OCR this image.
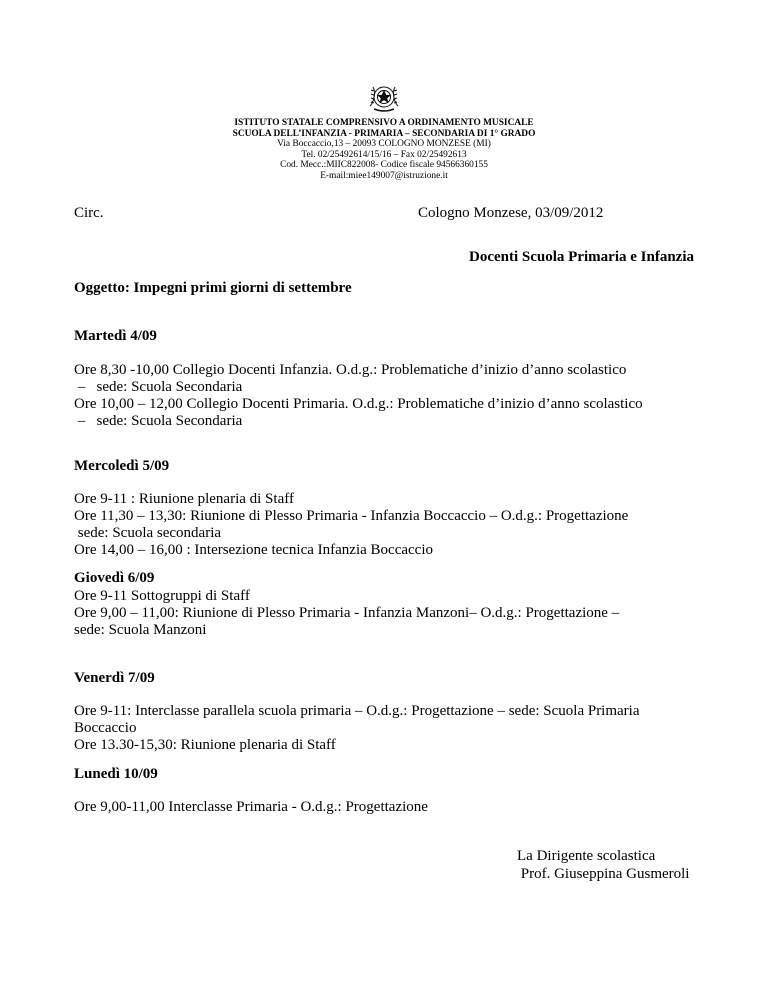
ISTITUTO STATALE COMPRENSIVO A ORDINAMENTO MUSICALE
SCUOLA DELL’INFANZIA - PRIMARIA – SECONDARIA DI 1° GRADO
Via Boccaccio,13 – 20093 COLOGNO MONZESE (MI)
Tel. 02/25492614/15/16 – Fax 02/25492613
Cod. Mecc.:MIIC822008- Codice fiscale 94566360155
E-mail:miee149007@istruzione.it
Circ.	Cologno Monzese, 03/09/2012
Docenti Scuola Primaria e Infanzia
Oggetto: Impegni primi giorni di settembre
Martedì 4/09
Ore 8,30 -10,00 Collegio Docenti Infanzia. O.d.g.: Problematiche d’inizio d’anno scolastico
–   sede: Scuola Secondaria
Ore 10,00 – 12,00 Collegio Docenti Primaria. O.d.g.: Problematiche d’inizio d’anno scolastico
–   sede: Scuola Secondaria
Mercoledì 5/09
Ore 9-11 : Riunione plenaria di Staff
Ore 11,30 – 13,30: Riunione di Plesso Primaria - Infanzia Boccaccio – O.d.g.: Progettazione
sede: Scuola secondaria
Ore 14,00 – 16,00 : Intersezione tecnica Infanzia Boccaccio
Giovedì 6/09
Ore 9-11 Sottogruppi di Staff
Ore 9,00 – 11,00: Riunione di Plesso Primaria - Infanzia Manzoni– O.d.g.: Progettazione –
sede: Scuola Manzoni
Venerdì 7/09
Ore 9-11: Interclasse parallela scuola primaria – O.d.g.: Progettazione – sede: Scuola Primaria
Boccaccio
Ore 13.30-15,30: Riunione plenaria di Staff
Lunedì 10/09
Ore 9,00-11,00 Interclasse Primaria - O.d.g.: Progettazione
La Dirigente scolastica
Prof. Giuseppina Gusmeroli
